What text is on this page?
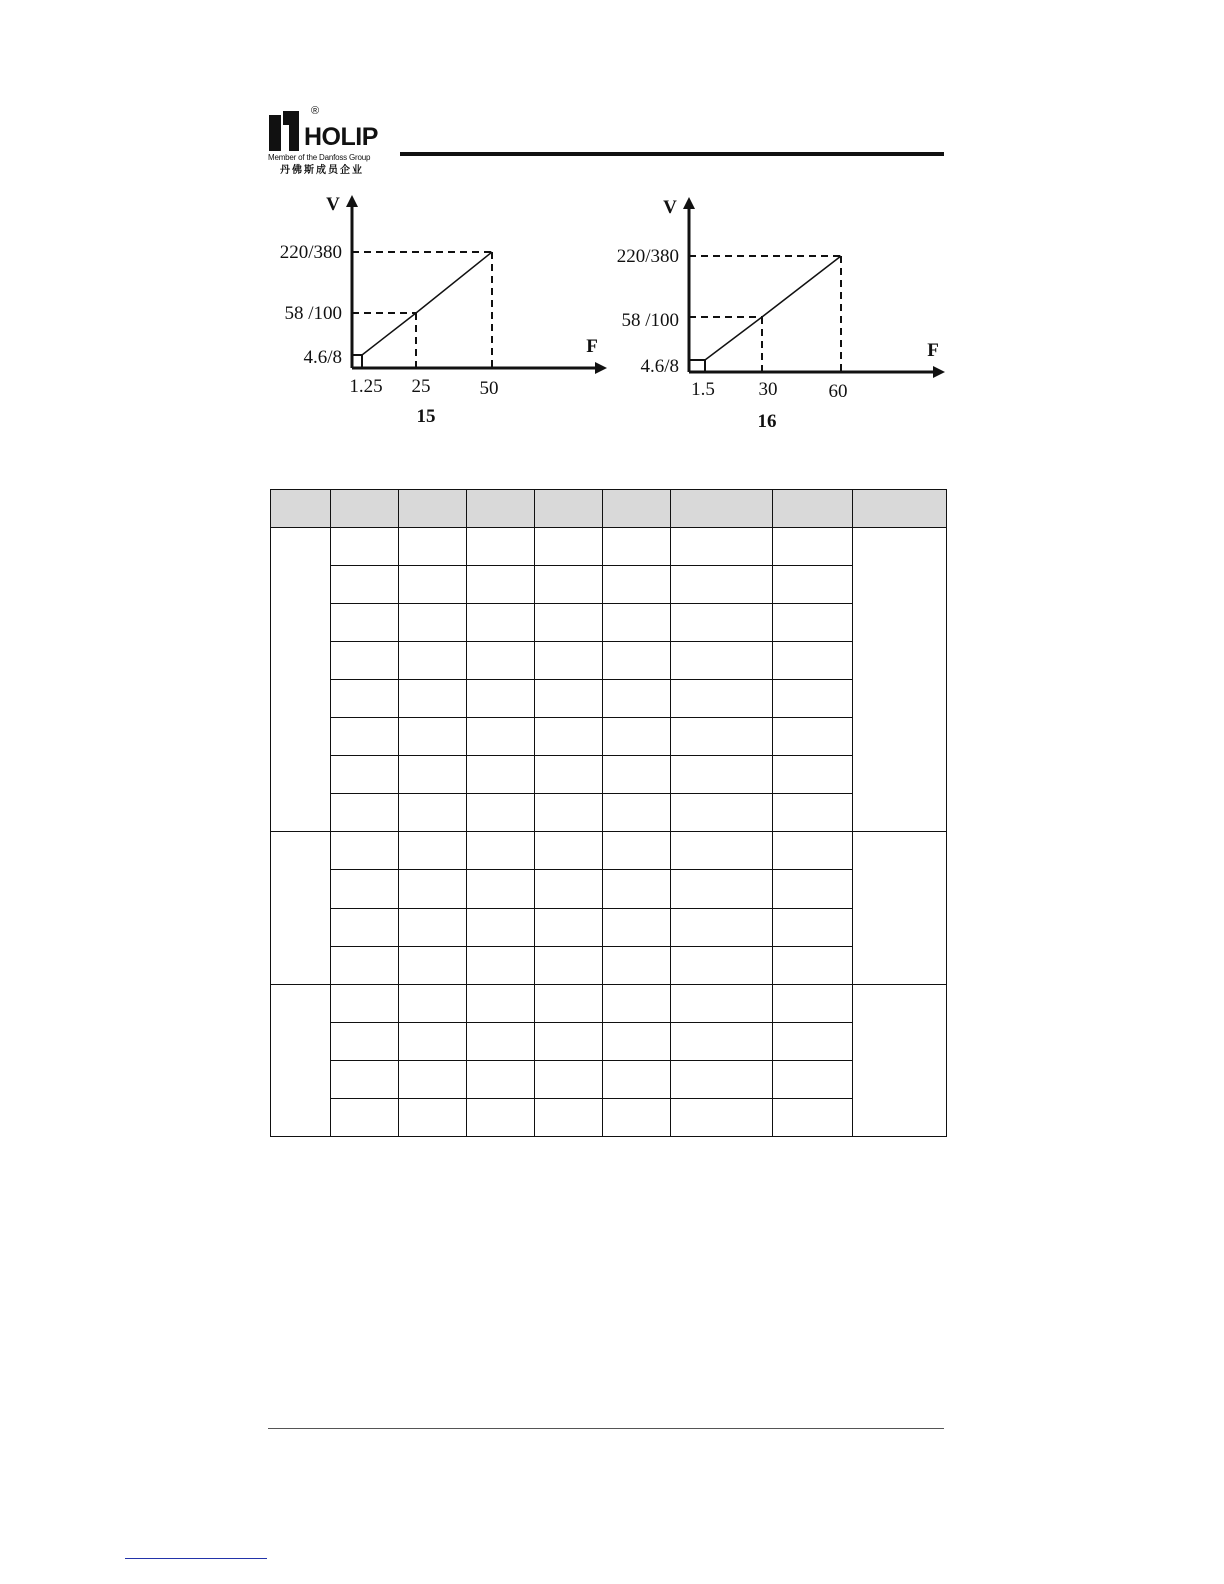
®
HOLIP
Member of the Danfoss Group
丹佛斯成员企业
220/380
58 /100
4.6/8
1.25 25	50
V
F
15
220/380
58 /100
4.6/8
1.5 30	60
V
F
16
